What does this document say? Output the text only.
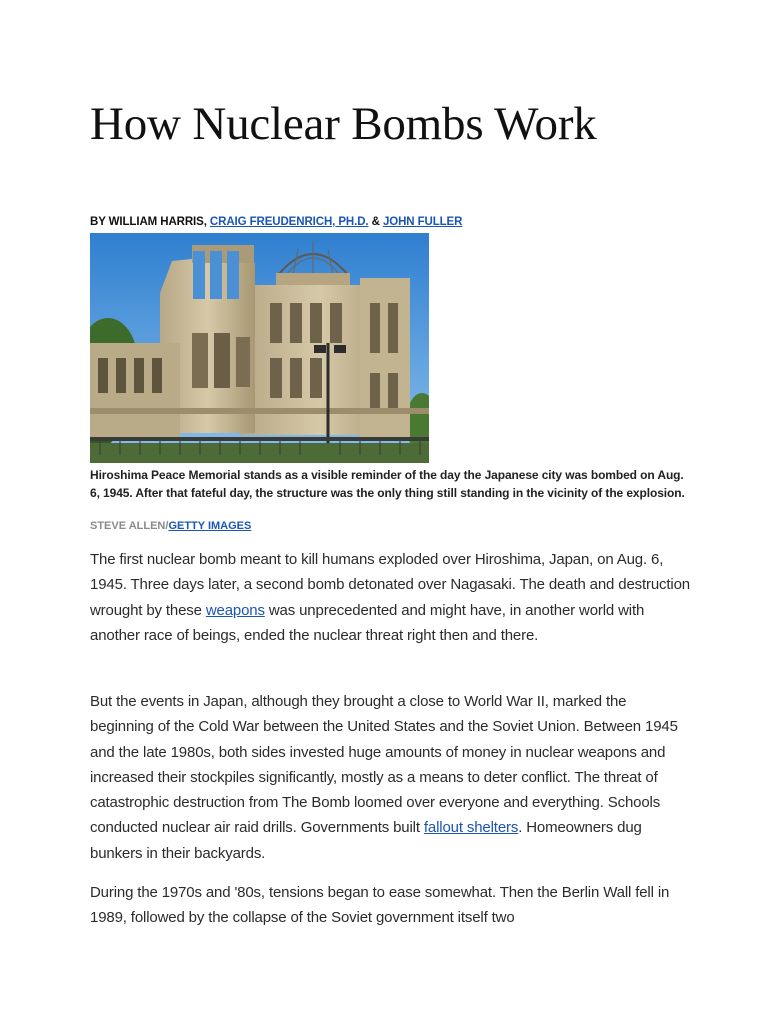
How Nuclear Bombs Work
BY WILLIAM HARRIS, CRAIG FREUDENRICH, PH.D. & JOHN FULLER
Hiroshima Peace Memorial stands as a visible reminder of the day the Japanese city was bombed on Aug. 6, 1945. After that fateful day, the structure was the only thing still standing in the vicinity of the explosion.
STEVE ALLEN/GETTY IMAGES

The first nuclear bomb meant to kill humans exploded over Hiroshima, Japan, on Aug. 6, 1945. Three days later, a second bomb detonated over Nagasaki. The death and destruction wrought by these weapons was unprecedented and might have, in another world with another race of beings, ended the nuclear threat right then and there.

But the events in Japan, although they brought a close to World War II, marked the beginning of the Cold War between the United States and the Soviet Union. Between 1945 and the late 1980s, both sides invested huge amounts of money in nuclear weapons and increased their stockpiles significantly, mostly as a means to deter conflict. The threat of catastrophic destruction from The Bomb loomed over everyone and everything. Schools conducted nuclear air raid drills. Governments built fallout shelters. Homeowners dug bunkers in their backyards.

During the 1970s and '80s, tensions began to ease somewhat. Then the Berlin Wall fell in 1989, followed by the collapse of the Soviet government itself two
